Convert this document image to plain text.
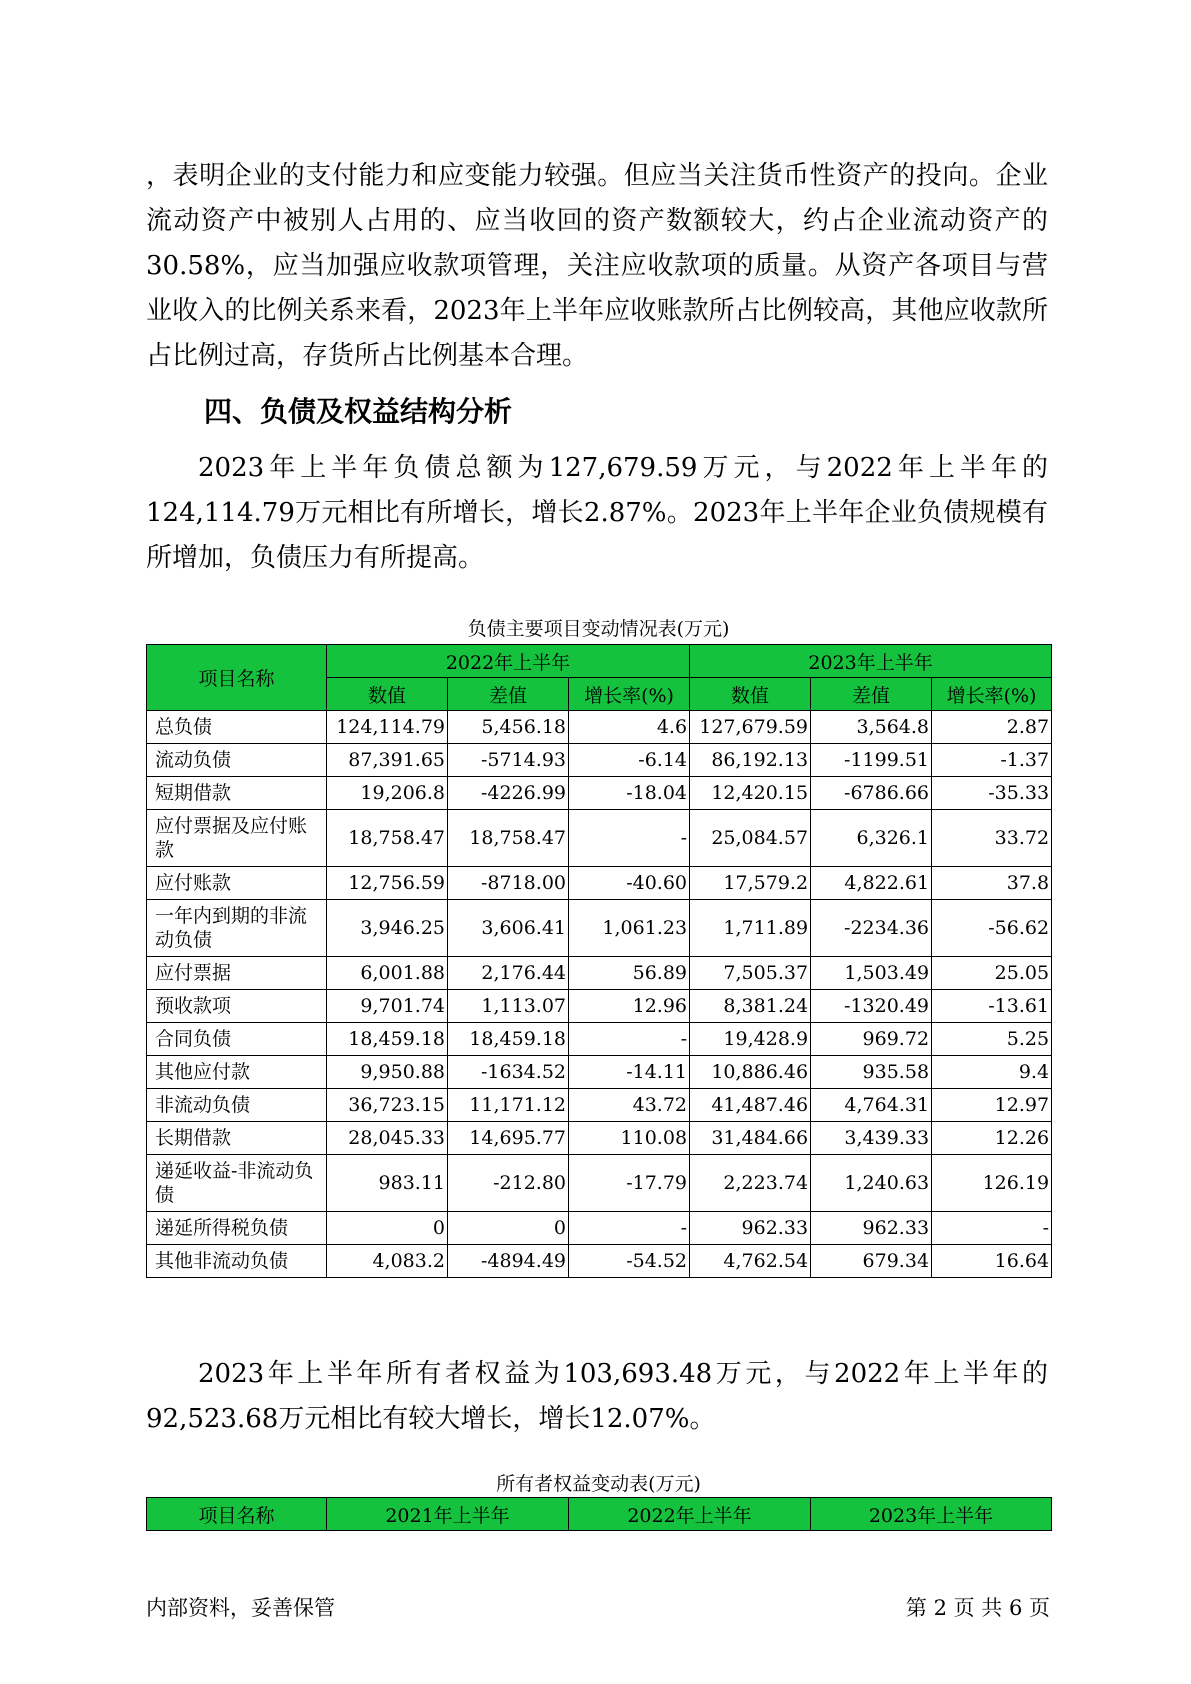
，表明企业的支付能力和应变能力较强。但应当关注货币性资产的投向。企业流动资产中被别人占用的、应当收回的资产数额较大，约占企业流动资产的30.58%，应当加强应收款项管理，关注应收款项的质量。从资产各项目与营业收入的比例关系来看，2023年上半年应收账款所占比例较高，其他应收款所占比例过高，存货所占比例基本合理。

四、负债及权益结构分析

2023年上半年负债总额为127,679.59万元，与2022年上半年的124,114.79万元相比有所增长，增长2.87%。2023年上半年企业负债规模有所增加，负债压力有所提高。

负债主要项目变动情况表(万元)
项目名称	2022年上半年			2023年上半年		
	数值	差值	增长率(%)	数值	差值	增长率(%)
总负债	124,114.79	5,456.18	4.6	127,679.59	3,564.8	2.87
流动负债	87,391.65	-5714.93	-6.14	86,192.13	-1199.51	-1.37
短期借款	19,206.8	-4226.99	-18.04	12,420.15	-6786.66	-35.33
应付票据及应付账款	18,758.47	18,758.47	-	25,084.57	6,326.1	33.72
应付账款	12,756.59	-8718.00	-40.60	17,579.2	4,822.61	37.8
一年内到期的非流动负债	3,946.25	3,606.41	1,061.23	1,711.89	-2234.36	-56.62
应付票据	6,001.88	2,176.44	56.89	7,505.37	1,503.49	25.05
预收款项	9,701.74	1,113.07	12.96	8,381.24	-1320.49	-13.61
合同负债	18,459.18	18,459.18	-	19,428.9	969.72	5.25
其他应付款	9,950.88	-1634.52	-14.11	10,886.46	935.58	9.4
非流动负债	36,723.15	11,171.12	43.72	41,487.46	4,764.31	12.97
长期借款	28,045.33	14,695.77	110.08	31,484.66	3,439.33	12.26
递延收益-非流动负债	983.11	-212.80	-17.79	2,223.74	1,240.63	126.19
递延所得税负债	0	0	-	962.33	962.33	-
其他非流动负债	4,083.2	-4894.49	-54.52	4,762.54	679.34	16.64

2023年上半年所有者权益为103,693.48万元，与2022年上半年的92,523.68万元相比有较大增长，增长12.07%。

所有者权益变动表(万元)
项目名称	2021年上半年	2022年上半年	2023年上半年
内部资料，妥善保管	第 2 页 共 6 页
